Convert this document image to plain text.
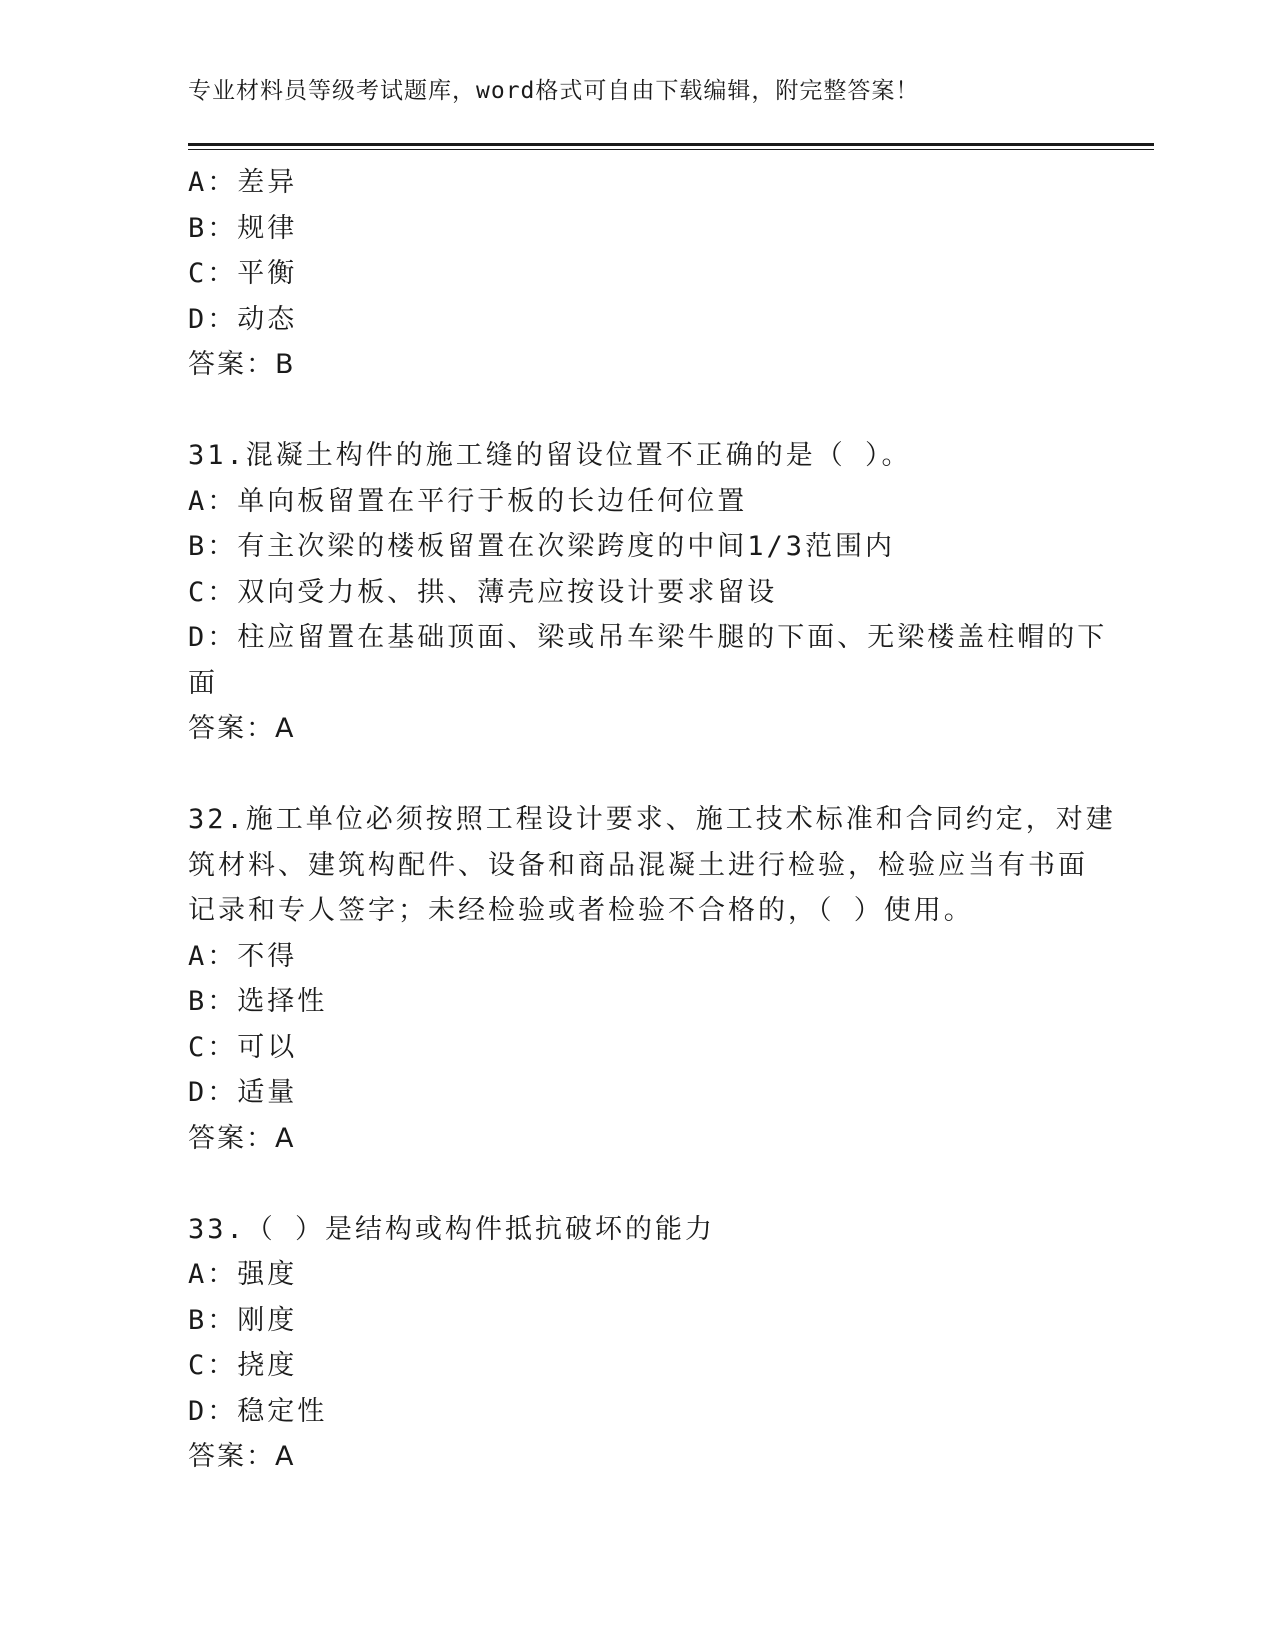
专业材料员等级考试题库，word格式可自由下载编辑，附完整答案！
A：差异
B：规律
C：平衡
D：动态
答案：B
31.混凝土构件的施工缝的留设位置不正确的是（ ）。
A：单向板留置在平行于板的长边任何位置
B：有主次梁的楼板留置在次梁跨度的中间1/3范围内
C：双向受力板、拱、薄壳应按设计要求留设
D：柱应留置在基础顶面、梁或吊车梁牛腿的下面、无梁楼盖柱帽的下
面
答案：A
32.施工单位必须按照工程设计要求、施工技术标准和合同约定，对建
筑材料、建筑构配件、设备和商品混凝土进行检验，检验应当有书面
记录和专人签字；未经检验或者检验不合格的，（ ）使用。
A：不得
B：选择性
C：可以
D：适量
答案：A
33.（ ）是结构或构件抵抗破坏的能力
A：强度
B：刚度
C：挠度
D：稳定性
答案：A
